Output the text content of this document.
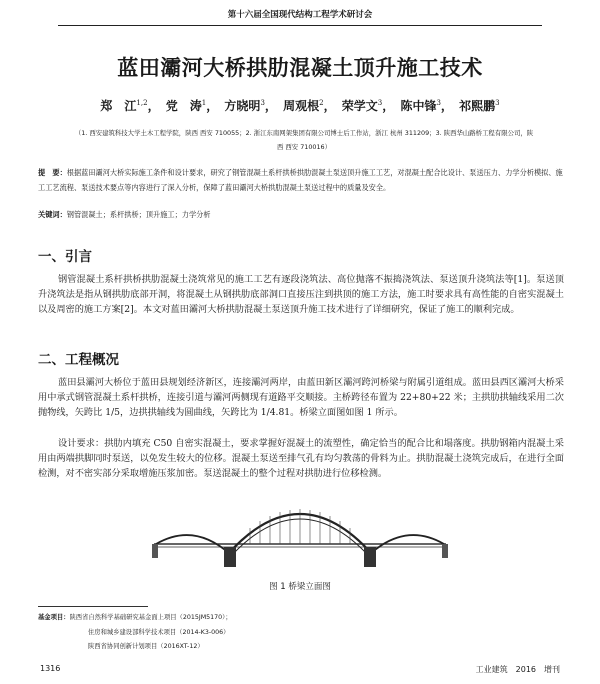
第十六届全国现代结构工程学术研讨会
蓝田灞河大桥拱肋混凝土顶升施工技术
郑　江$^{1,2}$， 党　涛$^1$， 方晓明$^3$， 周观根$^2$， 荣学文$^3$， 陈中锋$^3$， 祁熙鹏$^3$
（1. 西安建筑科技大学土木工程学院，陕西 西安 710055；2. 浙江东南网架集团有限公司博士后工作站，浙江 杭州 311209；3. 陕西华山路桥工程有限公司，陕西 西安 710016）
提　要：根据蓝田灞河大桥实际施工条件和设计要求，研究了钢管混凝土系杆拱桥拱肋混凝土泵送顶升施工工艺，对混凝土配合比设计、泵送压力、力学分析模拟、施工工艺流程、泵送技术要点等内容进行了深入分析，保障了蓝田灞河大桥拱肋混凝土泵送过程中的质量及安全。
关键词：钢管混凝土；系杆拱桥；顶升施工；力学分析
一、引言
钢管混凝土系杆拱桥拱肋混凝土浇筑常见的施工工艺有逐段浇筑法、高位抛落不振捣浇筑法、泵送顶升浇筑法等[1]。泵送顶升浇筑法是指从钢拱肋底部开洞，将混凝土从钢拱肋底部洞口直接压注到拱顶的施工方法，施工时要求具有高性能的自密实混凝土以及周密的施工方案[2]。本文对蓝田灞河大桥拱肋混凝土泵送顶升施工技术进行了详细研究，保证了施工的顺利完成。
二、工程概况
蓝田县灞河大桥位于蓝田县规划经济新区，连接灞河两岸，由蓝田新区灞河跨河桥梁与附属引道组成。蓝田县西区灞河大桥采用中承式钢管混凝土系杆拱桥，连接引道与灞河两侧现有道路平交顺接。主桥跨径布置为 22+80+22 米；主拱肋拱轴线采用二次抛物线，矢跨比 1/5，边拱拱轴线为圆曲线，矢跨比为 1/4.81。桥梁立面图如图 1 所示。
设计要求：拱肋内填充 C50 自密实混凝土，要求掌握好混凝土的流塑性，确定恰当的配合比和塌落度。拱肋钢箱内混凝土采用由两端拱脚同时泵送，以免发生较大的位移。混凝土泵送至排气孔有均匀教荡的骨料为止。拱肋混凝土浇筑完成后，在进行全面检测，对不密实部分采取增施压浆加密。泵送混凝土的整个过程对拱肋进行位移检测。
图 1 桥梁立面图
基金项目：陕西省自然科学基础研究基金面上项目（2015JM5170）；
住房和城乡建设部科学技术项目（2014-K3-006）
陕西省协同创新计划项目（2016XT-12）
1316	工业建筑　2016　增刊
